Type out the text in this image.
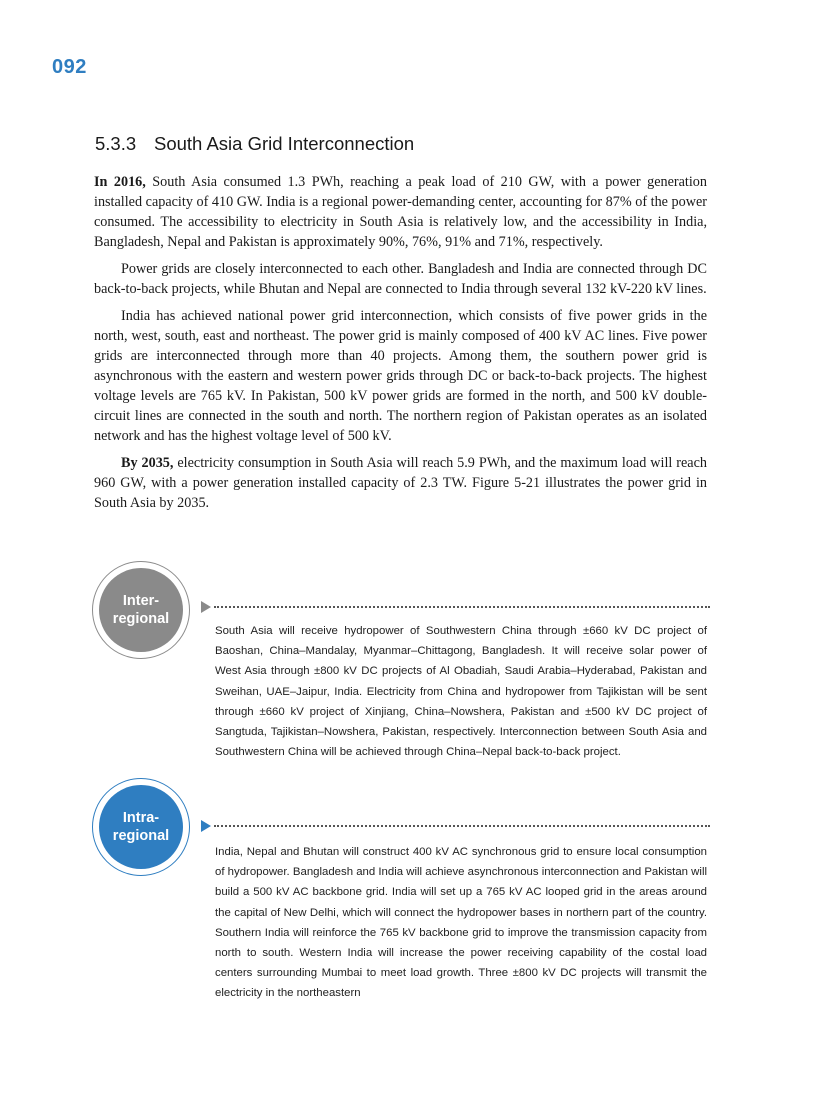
092
5.3.3 South Asia Grid Interconnection

In 2016, South Asia consumed 1.3 PWh, reaching a peak load of 210 GW, with a power generation installed capacity of 410 GW. India is a regional power-demanding center, accounting for 87% of the power consumed. The accessibility to electricity in South Asia is relatively low, and the accessibility in India, Bangladesh, Nepal and Pakistan is approximately 90%, 76%, 91% and 71%, respectively.

Power grids are closely interconnected to each other. Bangladesh and India are connected through DC back-to-back projects, while Bhutan and Nepal are connected to India through several 132 kV-220 kV lines.

India has achieved national power grid interconnection, which consists of five power grids in the north, west, south, east and northeast. The power grid is mainly composed of 400 kV AC lines. Five power grids are interconnected through more than 40 projects. Among them, the southern power grid is asynchronous with the eastern and western power grids through DC or back-to-back projects. The highest voltage levels are 765 kV. In Pakistan, 500 kV power grids are formed in the north, and 500 kV double-circuit lines are connected in the south and north. The northern region of Pakistan operates as an isolated network and has the highest voltage level of 500 kV.

By 2035, electricity consumption in South Asia will reach 5.9 PWh, and the maximum load will reach 960 GW, with a power generation installed capacity of 2.3 TW. Figure 5-21 illustrates the power grid in South Asia by 2035.

Inter-
regional
South Asia will receive hydropower of Southwestern China through ±660 kV DC project of Baoshan, China–Mandalay, Myanmar–Chittagong, Bangladesh. It will receive solar power of West Asia through ±800 kV DC projects of Al Obadiah, Saudi Arabia–Hyderabad, Pakistan and Sweihan, UAE–Jaipur, India. Electricity from China and hydropower from Tajikistan will be sent through ±660 kV project of Xinjiang, China–Nowshera, Pakistan and ±500 kV DC project of Sangtuda, Tajikistan–Nowshera, Pakistan, respectively. Interconnection between South Asia and Southwestern China will be achieved through China–Nepal back-to-back project.
Intra-
regional
India, Nepal and Bhutan will construct 400 kV AC synchronous grid to ensure local consumption of hydropower. Bangladesh and India will achieve asynchronous interconnection and Pakistan will build a 500 kV AC backbone grid. India will set up a 765 kV AC looped grid in the areas around the capital of New Delhi, which will connect the hydropower bases in northern part of the country. Southern India will reinforce the 765 kV backbone grid to improve the transmission capacity from north to south. Western India will increase the power receiving capability of the costal load centers surrounding Mumbai to meet load growth. Three ±800 kV DC projects will transmit the electricity in the northeastern
